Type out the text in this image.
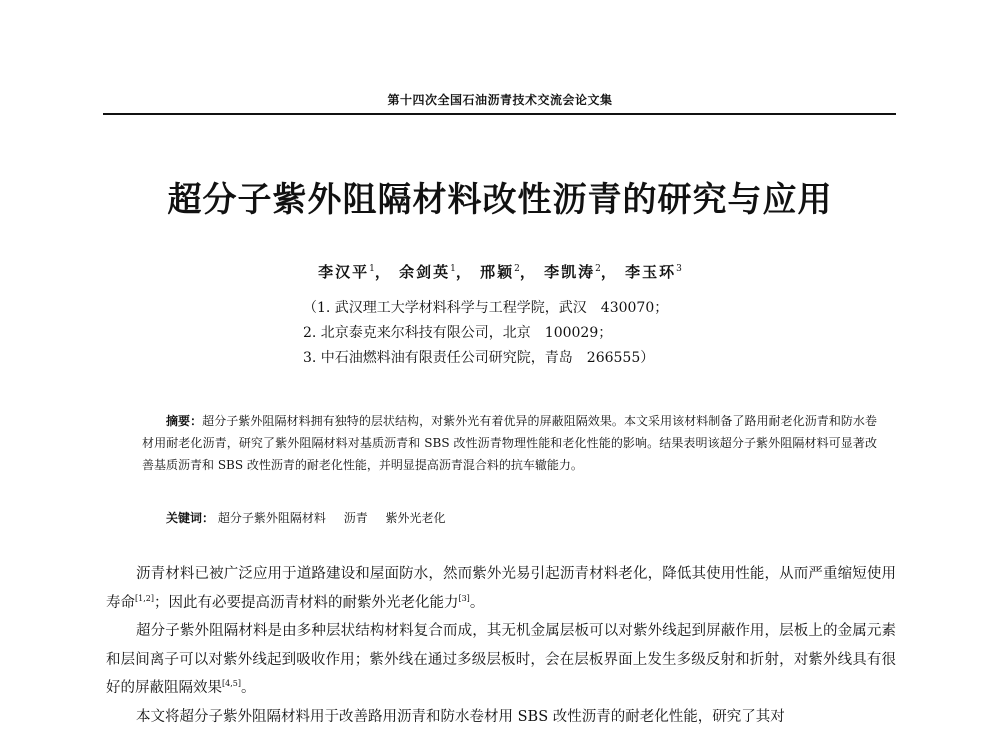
第十四次全国石油沥青技术交流会论文集
超分子紫外阻隔材料改性沥青的研究与应用
李汉平$^1$， 余剑英$^1$， 邢颖$^2$， 李凯涛$^2$， 李玉环$^3$
（1. 武汉理工大学材料科学与工程学院，武汉　430070；
2. 北京泰克来尔科技有限公司，北京　100029；
3. 中石油燃料油有限责任公司研究院，青岛　266555）
摘要：超分子紫外阻隔材料拥有独特的层状结构，对紫外光有着优异的屏蔽阻隔效果。本文采用该材料制备了路用耐老化沥青和防水卷材用耐老化沥青，研究了紫外阻隔材料对基质沥青和 SBS 改性沥青物理性能和老化性能的影响。结果表明该超分子紫外阻隔材料可显著改善基质沥青和 SBS 改性沥青的耐老化性能，并明显提高沥青混合料的抗车辙能力。
关键词： 超分子紫外阻隔材料 沥青 紫外光老化

沥青材料已被广泛应用于道路建设和屋面防水，然而紫外光易引起沥青材料老化，降低其使用性能，从而严重缩短使用寿命[1,2]；因此有必要提高沥青材料的耐紫外光老化能力[3]。

超分子紫外阻隔材料是由多种层状结构材料复合而成，其无机金属层板可以对紫外线起到屏蔽作用，层板上的金属元素和层间离子可以对紫外线起到吸收作用；紫外线在通过多级层板时，会在层板界面上发生多级反射和折射，对紫外线具有很好的屏蔽阻隔效果[4,5]。

本文将超分子紫外阻隔材料用于改善路用沥青和防水卷材用 SBS 改性沥青的耐老化性能，研究了其对
